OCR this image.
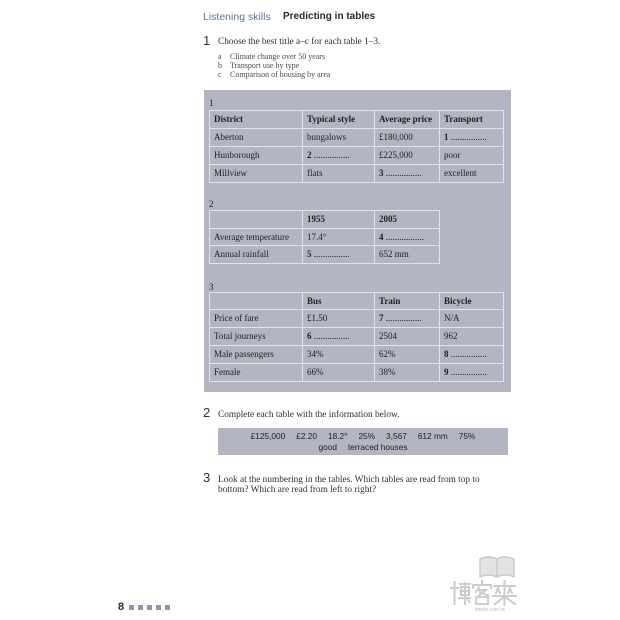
Listening skills Predicting in tables
1 Choose the best title a–c for each table 1–3.
a Climate change over 50 years
b Transport use by type
c Comparison of housing by area
1
District	Typical style	Average price	Transport
Aberton	bungalows	£180,000	1 ................
Hunborough	2 ................	£225,000	poor
Millview	flats	3 ................	excellent
2
	1955	2005
Average temperature	17.4°	4 .................
Annual rainfall	5 ................	652 mm
3
	Bus	Train	Bicycle
Price of fare	£1.50	7 ................	N/A
Total journeys	6 ................	2504	962
Male passengers	34%	62%	8 ................
Female	66%	38%	9 ................
2 Complete each table with the information below.
£125,000 £2.20 18.2° 25% 3,567 612 mm 75%
good terraced houses
3 Look at the numbering in the tables. Which tables are read from top to bottom? Which are read from left to right?
8	books.com.tw
